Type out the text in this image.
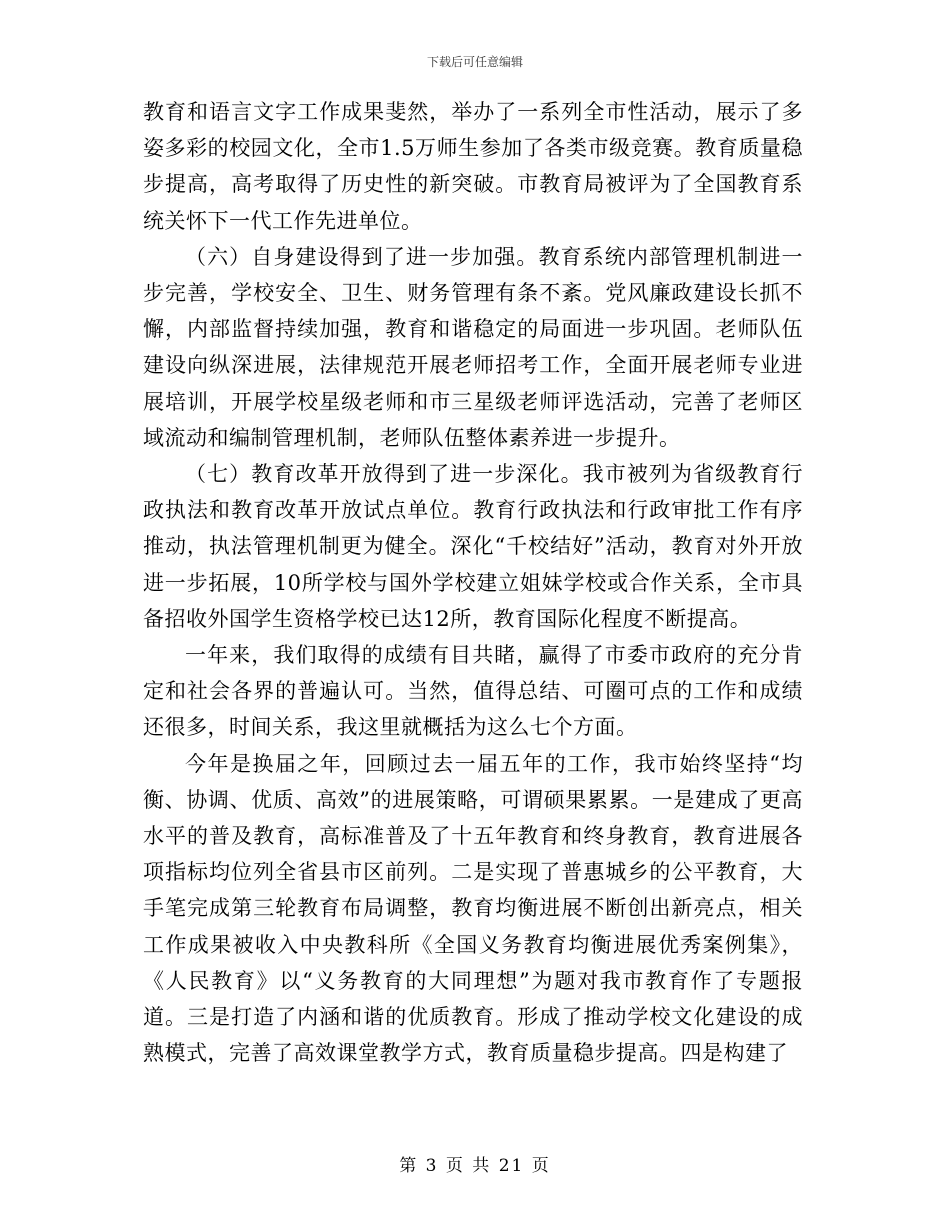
下载后可任意编辑

教育和语言文字工作成果斐然，举办了一系列全市性活动，展示了多姿多彩的校园文化，全市1.5万师生参加了各类市级竞赛。教育质量稳步提高，高考取得了历史性的新突破。市教育局被评为了全国教育系统关怀下一代工作先进单位。

（六）自身建设得到了进一步加强。教育系统内部管理机制进一步完善，学校安全、卫生、财务管理有条不紊。党风廉政建设长抓不懈，内部监督持续加强，教育和谐稳定的局面进一步巩固。老师队伍建设向纵深进展，法律规范开展老师招考工作，全面开展老师专业进展培训，开展学校星级老师和市三星级老师评选活动，完善了老师区域流动和编制管理机制，老师队伍整体素养进一步提升。

（七）教育改革开放得到了进一步深化。我市被列为省级教育行政执法和教育改革开放试点单位。教育行政执法和行政审批工作有序推动，执法管理机制更为健全。深化“千校结好”活动，教育对外开放进一步拓展，10所学校与国外学校建立姐妹学校或合作关系，全市具备招收外国学生资格学校已达12所，教育国际化程度不断提高。

一年来，我们取得的成绩有目共睹，赢得了市委市政府的充分肯定和社会各界的普遍认可。当然，值得总结、可圈可点的工作和成绩还很多，时间关系，我这里就概括为这么七个方面。

今年是换届之年，回顾过去一届五年的工作，我市始终坚持“均衡、协调、优质、高效”的进展策略，可谓硕果累累。一是建成了更高水平的普及教育，高标准普及了十五年教育和终身教育，教育进展各项指标均位列全省县市区前列。二是实现了普惠城乡的公平教育，大手笔完成第三轮教育布局调整，教育均衡进展不断创出新亮点，相关工作成果被收入中央教科所《全国义务教育均衡进展优秀案例集》，《人民教育》以“义务教育的大同理想”为题对我市教育作了专题报道。三是打造了内涵和谐的优质教育。形成了推动学校文化建设的成熟模式，完善了高效课堂教学方式，教育质量稳步提高。四是构建了

第 3 页 共 21 页
